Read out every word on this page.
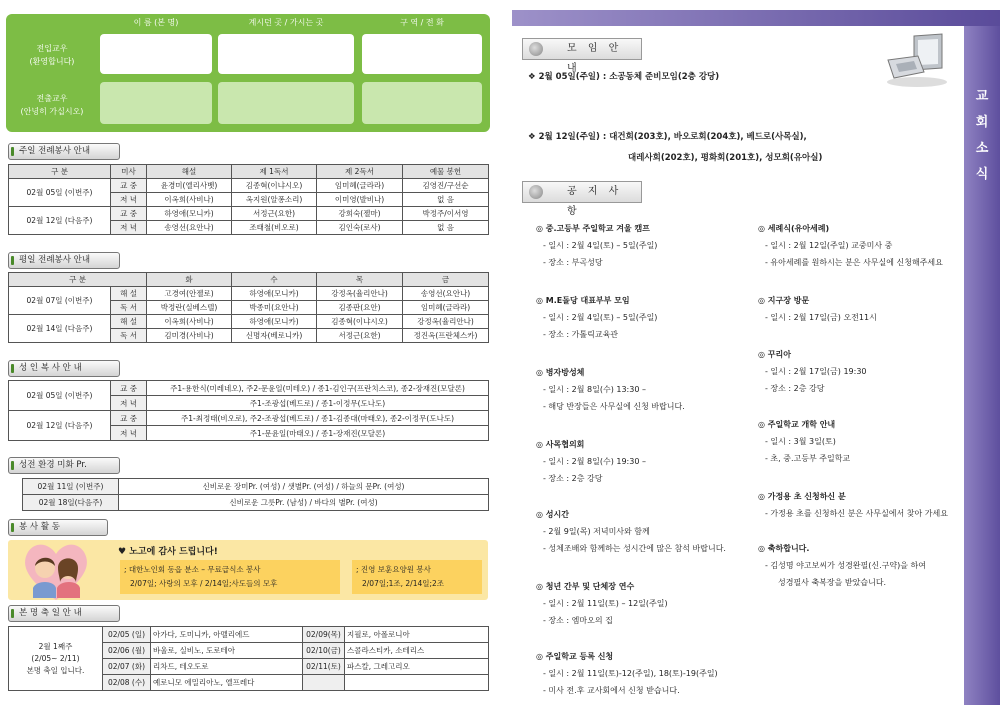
이 름 (본 명)	계시던 곳 / 가시는 곳	구 역 / 전 화
전입교우
(환영합니다)
전출교우
(안녕히 가십시오)
주일 전례봉사 안내
구 분	미사	해설	제 1독서	제 2독서	예물 봉헌
02월 05일 (이번주)	교 중	윤경미(엘리사벳)	김종혁(이냐시오)	임미혜(글라라)	김영진/구선순
	저 녁	이옥희(사비나)	옥지원(알퐁소리)	이미영(발비나)	없 음
02월 12일 (다음주)	교 중	하영애(모니카)	서정근(요한)	강희숙(젤마)	박정주/이서영
	저 녁	송영선(요안나)	조태철(비오로)	김인숙(로사)	없 음
평일 전례봉사 안내
구 분		화	수	목	금
02월 07일 (이번주)	해 설	고경여(안젤로)	하영애(모니카)	강정옥(율리안나)	송영선(요안나)
	독 서	박정란(실베스텔)	박종미(요안나)	김종판(요안)	임미혜(글라라)
02월 14일 (다음주)	해 설	이옥희(사비나)	하영애(모니카)	김종혁(이냐시오)	강정옥(율리안나)
	독 서	김미경(사비나)	신명자(베로니카)	서정근(요한)	정진옥(프란체스카)
성 인 복 사 안 내
02월 05일 (이번주)	교 중	주1-용한식(미레네오), 주2-문윤일(미테오) / 종1-김인구(프란치스코), 종2-장재진(모달론)
	저 녁	주1-조광섭(베드로) / 종1-이정무(도나도)
02월 12일 (다음주)	교 중	주1-최정태(비오로), 주2-조광섭(베드로) / 종1-김종대(마태오), 종2-이정무(도나도)
	저 녁	주1-문윤일(마태오) / 종1-장재진(모달론)
성전 환경 미화 Pr.
02월 11일 (이번주)	신비로운 장미Pr. (여성) / 샛별Pr. (여성) / 하늘의 문Pr. (여성)
02월 18일(다음주)	신비로운 그릇Pr. (남성) / 바다의 별Pr. (여성)
봉 사 활 동
♥ 노고에 감사 드립니다!
; 대한노인회 동읍 분소 – 무료급식소 봉사
2/07일; 사랑의 모후 / 2/14일;사도들의 모후
; 진영 보훈요양원 봉사
2/07일;1조, 2/14일;2조
본 명 축 일 안 내
2월 1째주
(2/05~ 2/11)
본명 축일 입니다.	02/05 (일)	아가다, 도미니카, 아멜리에드	02/09(목)	지필로, 아폴로니아
	02/06 (월)	바울로, 실비노, 도로테아	02/10(금)	스콜라스티카, 소테리스
	02/07 (화)	리차드, 테오도로	02/11(토)	파스칼, 그레고리오
	02/08 (수)	예로니모 에밀리아노, 엘프레다		
교
회
소
식
모 임 안 내
❖ 2월 05일(주일) : 소공동체 준비모임(2층 강당)
❖ 2월 12일(주일) : 대건회(203호), 바오로회(204호), 베드로(사목실),
대레사회(202호), 평화회(201호), 성모회(유아실)
공 지 사 항
◎ 중.고등부 주일학교 겨울 캠프
- 일시 : 2월 4일(토) – 5일(주일)
- 장소 : 부곡성당
◎ M.E돌당 대표부부 모임
- 일시 : 2월 4일(토) – 5일(주일)
- 장소 : 가톨릭교육관
◎ 병자방성체
- 일시 : 2월 8일(수) 13:30 –
- 해당 반장들은 사무실에 신청 바랍니다.
◎ 사목협의회
- 일시 : 2월 8일(수) 19:30 –
- 장소 : 2층 강당
◎ 성시간
- 2월 9일(목) 저녁미사와 함께
- 성체조배와 함께하는 성시간에 많은 참석 바랍니다.
◎ 청년 간부 및 단체장 연수
- 일시 : 2월 11일(토) – 12일(주일)
- 장소 : 엠마오의 집
◎ 주일학교 등록 신청
- 일시 : 2월 11일(토)-12(주일), 18(토)-19(주일)
- 미사 전.후 교사회에서 신청 받습니다.
◎ 세례식(유아세례)
- 일시 : 2월 12일(주일) 교중미사 중
- 유아세례를 원하시는 분은 사무실에 신청해주세요
◎ 지구장 방문
- 일시 : 2월 17일(금) 오전11시
◎ 꾸리아
- 일시 : 2월 17일(금) 19:30
- 장소 : 2층 강당
◎ 주일학교 개학 안내
- 일시 : 3월 3일(토)
- 초, 중.고등부 주일학교
◎ 가정용 초 신청하신 분
- 가정용 초를 신청하신 분은 사무실에서 찾아 가세요
◎ 축하합니다.
- 김성명 야고보씨가 성경완필(신.구약)을 하여
성경필사 축복장을 받았습니다.
